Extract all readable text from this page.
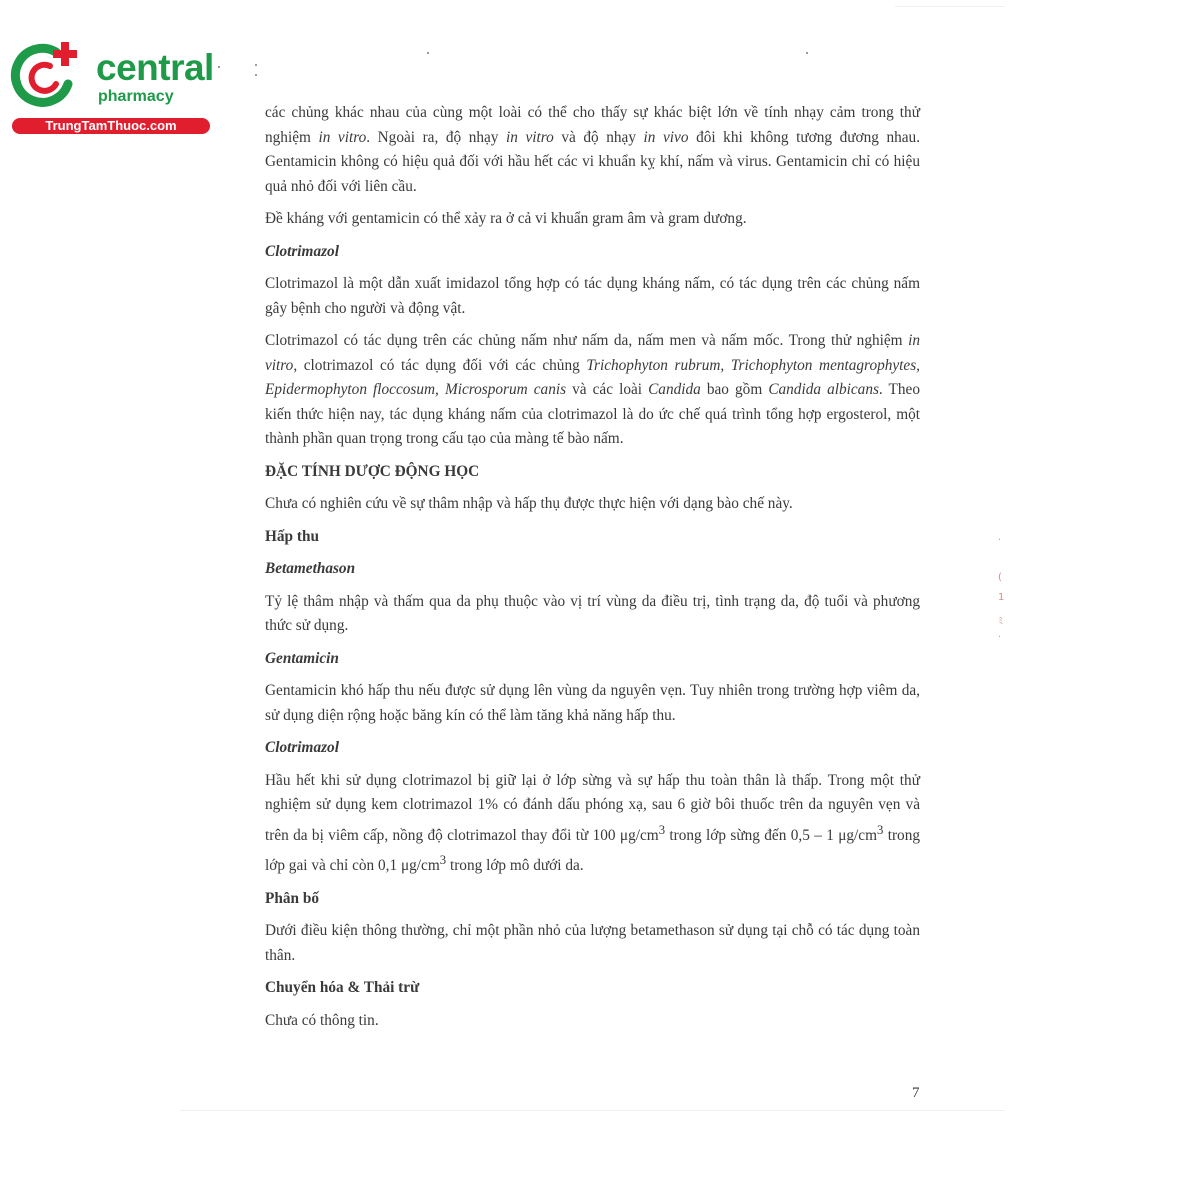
·
(
1
ﾐ
·
central
pharmacy
TrungTamThuoc.com

các chủng khác nhau của cùng một loài có thể cho thấy sự khác biệt lớn về tính nhạy cảm trong thử nghiệm in vitro. Ngoài ra, độ nhạy in vitro và độ nhạy in vivo đôi khi không tương đương nhau. Gentamicin không có hiệu quả đối với hầu hết các vi khuẩn kỵ khí, nấm và virus. Gentamicin chỉ có hiệu quả nhỏ đối với liên cầu.

Đề kháng với gentamicin có thể xảy ra ở cả vi khuẩn gram âm và gram dương.

Clotrimazol

Clotrimazol là một dẫn xuất imidazol tổng hợp có tác dụng kháng nấm, có tác dụng trên các chủng nấm gây bệnh cho người và động vật.

Clotrimazol có tác dụng trên các chủng nấm như nấm da, nấm men và nấm mốc. Trong thử nghiệm in vitro, clotrimazol có tác dụng đối với các chủng Trichophyton rubrum, Trichophyton mentagrophytes, Epidermophyton floccosum, Microsporum canis và các loài Candida bao gồm Candida albicans. Theo kiến thức hiện nay, tác dụng kháng nấm của clotrimazol là do ức chế quá trình tổng hợp ergosterol, một thành phần quan trọng trong cấu tạo của màng tế bào nấm.

ĐẶC TÍNH DƯỢC ĐỘNG HỌC

Chưa có nghiên cứu về sự thâm nhập và hấp thụ được thực hiện với dạng bào chế này.

Hấp thu

Betamethason

Tỷ lệ thâm nhập và thấm qua da phụ thuộc vào vị trí vùng da điều trị, tình trạng da, độ tuổi và phương thức sử dụng.

Gentamicin

Gentamicin khó hấp thu nếu được sử dụng lên vùng da nguyên vẹn. Tuy nhiên trong trường hợp viêm da, sử dụng diện rộng hoặc băng kín có thể làm tăng khả năng hấp thu.

Clotrimazol

Hầu hết khi sử dụng clotrimazol bị giữ lại ở lớp sừng và sự hấp thu toàn thân là thấp. Trong một thử nghiệm sử dụng kem clotrimazol 1% có đánh dấu phóng xạ, sau 6 giờ bôi thuốc trên da nguyên vẹn và trên da bị viêm cấp, nồng độ clotrimazol thay đổi từ 100 $\mu g/cm^3$ trong lớp sừng đến 0,5 – 1 $\mu g/cm^3$ trong lớp gai và chỉ còn 0,1 $\mu g/cm^3$ trong lớp mô dưới da.

Phân bố

Dưới điều kiện thông thường, chỉ một phần nhỏ của lượng betamethason sử dụng tại chỗ có tác dụng toàn thân.

Chuyển hóa & Thải trừ

Chưa có thông tin.

7
